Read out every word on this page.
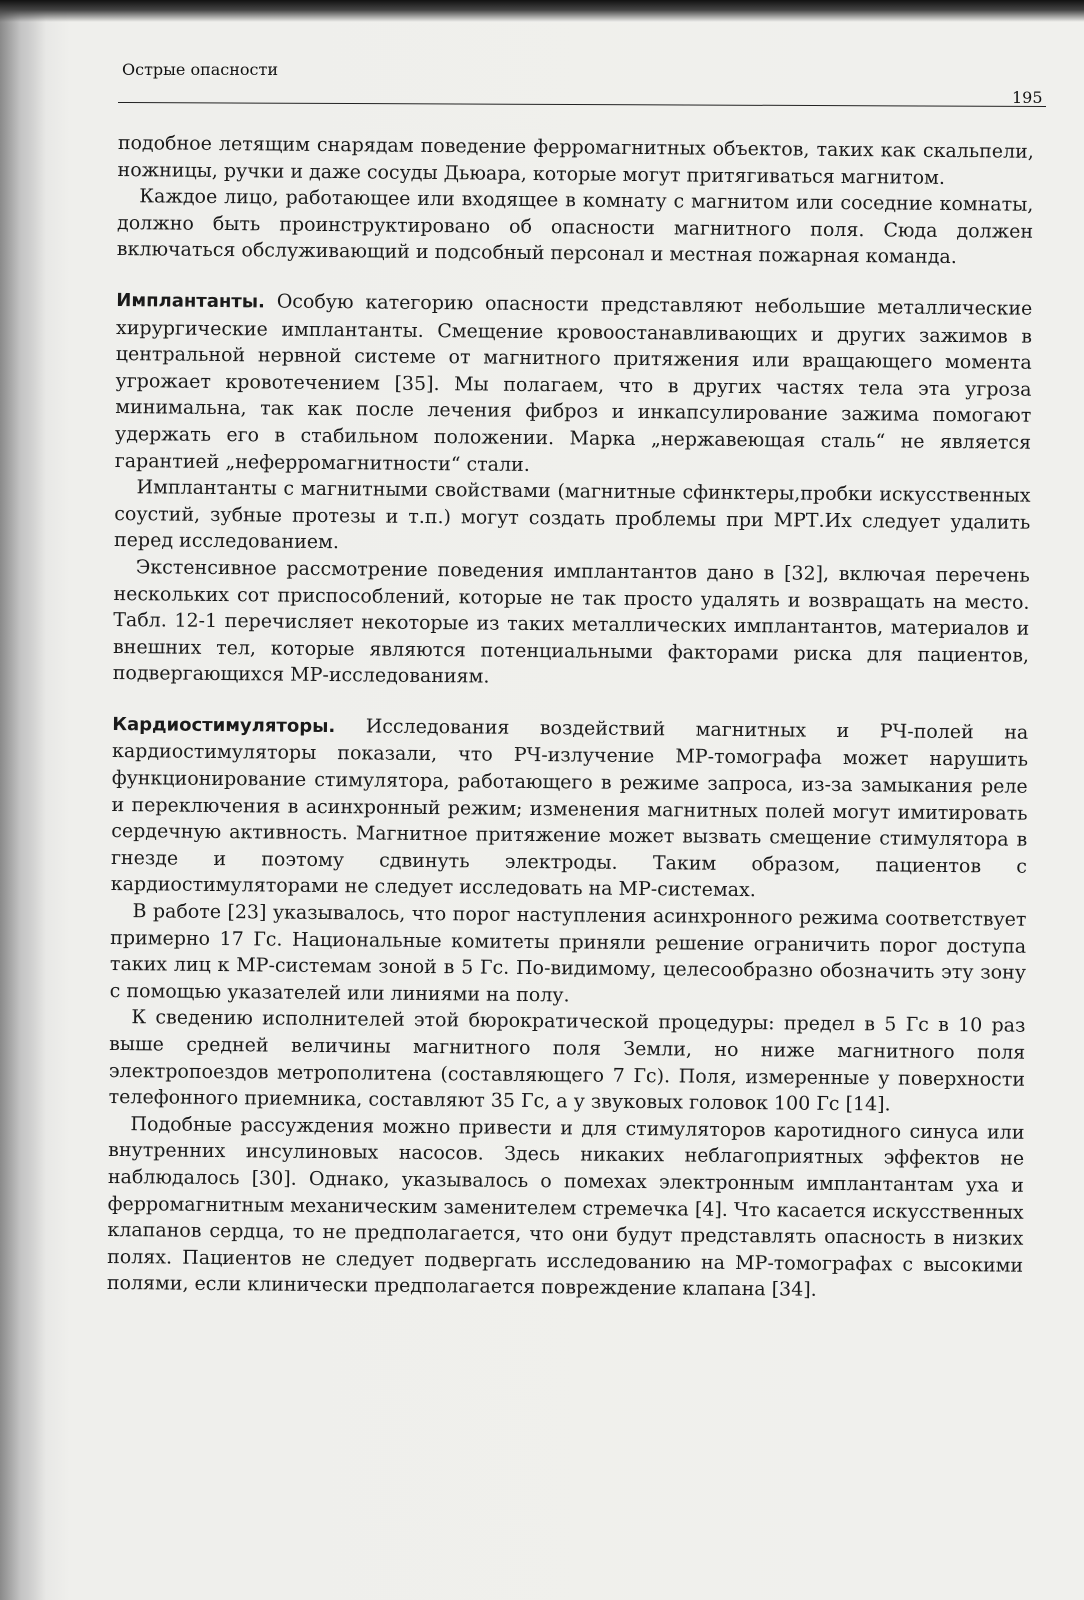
Острые опасности
195

подобное летящим снарядам поведение ферромагнитных объектов, таких как скальпели, ножницы, ручки и даже сосуды Дьюара, которые могут притягиваться магнитом.

Каждое лицо, работающее или входящее в комнату с магнитом или соседние комнаты, должно быть проинструктировано об опасности магнитного поля. Сюда должен включаться обслуживающий и подсобный персонал и местная пожарная команда.

Имплантанты. Особую категорию опасности представляют небольшие металлические хирургические имплантанты. Смещение кровоостанавливающих и других зажимов в центральной нервной системе от магнитного притяжения или вращающего момента угрожает кровотечением [35]. Мы полагаем, что в других частях тела эта угроза минимальна, так как после лечения фиброз и инкапсулирование зажима помогают удержать его в стабильном положении. Марка „нержавеющая сталь“ не является гарантией „неферромагнитности“ стали.

Имплантанты с магнитными свойствами (магнитные сфинктеры,пробки искусственных соустий, зубные протезы и т.п.) могут создать проблемы при МРТ.Их следует удалить перед исследованием.

Экстенсивное рассмотрение поведения имплантантов дано в [32], включая перечень нескольких сот приспособлений, которые не так просто удалять и возвращать на место. Табл. 12-1 перечисляет некоторые из таких металлических имплантантов, материалов и внешних тел, которые являются потенциальными факторами риска для пациентов, подвергающихся МР-исследованиям.

Кардиостимуляторы. Исследования воздействий магнитных и РЧ-полей на кардиостимуляторы показали, что РЧ-излучение МР-томографа может нарушить функционирование стимулятора, работающего в режиме запроса, из-за замыкания реле и переключения в асинхронный режим; изменения магнитных полей могут имитировать сердечную активность. Магнитное притяжение может вызвать смещение стимулятора в гнезде и поэтому сдвинуть электроды. Таким образом, пациентов с кардиостимуляторами не следует исследовать на МР-системах.

В работе [23] указывалось, что порог наступления асинхронного режима соответствует примерно 17 Гс. Национальные комитеты приняли решение ограничить порог доступа таких лиц к МР-системам зоной в 5 Гс. По-видимому, целесообразно обозначить эту зону с помощью указателей или линиями на полу.

К сведению исполнителей этой бюрократической процедуры: предел в 5 Гс в 10 раз выше средней величины магнитного поля Земли, но ниже магнитного поля электропоездов метрополитена (составляющего 7 Гс). Поля, измеренные у поверхности телефонного приемника, составляют 35 Гс, а у звуковых головок 100 Гс [14].

Подобные рассуждения можно привести и для стимуляторов каротидного синуса или внутренних инсулиновых насосов. Здесь никаких неблагоприятных эффектов не наблюдалось [30]. Однако, указывалось о помехах электронным имплантантам уха и ферромагнитным механическим заменителем стремечка [4]. Что касается искусственных клапанов сердца, то не предполагается, что они будут представлять опасность в низких полях. Пациентов не следует подвергать исследованию на МР-томографах с высокими полями, если клинически предполагается повреждение клапана [34].
